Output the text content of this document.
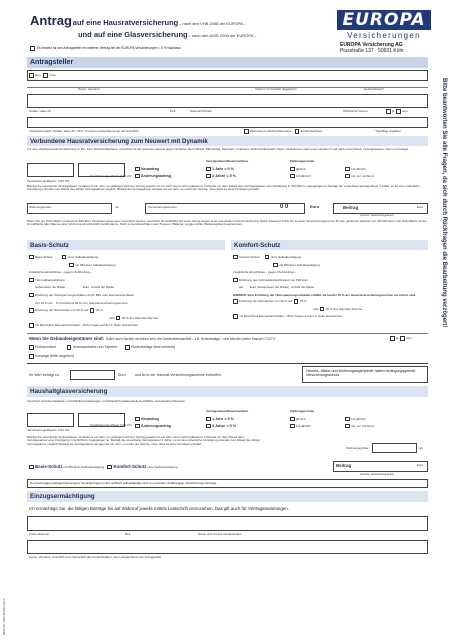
Antrag auf eine Hausratversicherung – nach den VHB 2008 der EUROPA –
und auf eine Glasversicherung – nach den AGIB 2008 der EUROPA –
Es besteht für den Antragsteller ein weiterer Vertrag bei der EUROPA Versicherungen = 5 % Nachlass
EUROPA
Versicherungen
EUROPA Versicherung AG
Piusstraße 137 · 50931 Köln
Antragsteller
Herr	Frau
Name, Vorname	Telefon mit Vorwahl (tagsüber)*	Geburtsdatum*
Straße, Haus-Nr.	PLZ	Wohnort/Ortsteil	Öffentlicher Dienst	ja	nein
Versicherungsort: Straße, Haus-Nr., PLZ, Ort (wenn abweichend von der Anschrift)	Wohnung im Mehrfamilienhaus	Einfamilienhaus	* freiwillige Angaben
Verbundene Hausratversicherung zum Neuwert mit Dynamik
Für eine ständig bewohnte Wohnung im Ein- bzw. Mehrfamilienhaus. Versichert ist der gesamte Hausrat gegen Schäden durch Brand, Blitzschlag, Explosion, Implosion, Einbruchdiebstahl, Raub, Vandalismus nach einem Einbruch und nach einem Raub, Leitungswasser, Sturm und Hagel.
Versicherungs-Beginn: 0.00 Uhr
Versicherungs-Ablauf: 0.00 Uhr
Vertragsdauer/Dauernachlass	Zahlungsperiode
Neuantrag
Änderungsantrag
1 Jahr = 0 %
3 Jahre = 5 %
jährlich
1/4-jährlich
1/2-jährlich
mtl. nur mit Abruf
Beträgt die vereinbarte Vertragsdauer mindestens ein Jahr, so verlängert sich der Vertrag jeweils um ein Jahr, wenn nicht spätestens 3 Monate vor dem Ablauf dem Vertragspartner eine Kündigung in Schriftform zugegangen ist. Beträgt die vereinbarte Vertragsdauer 3 Jahre, so ist eine ordentliche Kündigung erstmals zum Ablauf des dritten Vertragsjahres möglich. Beträgt die Vertragsdauer weniger als ein Jahr, so endet der Vertrag, ohne dass es einer Kündigung bedarf.
Wohnungsgröße	qm	Versicherungssumme	0 0	Euro	Beitrag	Euro
(einschl. Versicherungsteuer)
Wenn Sie pro Wohnfläche mindestens 650 Euro Versicherungssumme vereinbart werden, verzichtet die EUROPA auf einen Abzug wegen einer eventuellen Unterversicherung (siehe Klausel C7112) bis zu einer Versicherungssumme für den gesamten Hausrat von 200.000 Euro. Die Wohnfläche ist die Grundfläche aller Räume einer Wohnung einschließlich Hobbyräume. Nicht zu berücksichtigen sind Treppen, Balkone, Loggien (bitte Risikoangaben beantworten).
Basis-Schutz	Komfort-Schutz
Basis-Schutz	ohne Selbstbeteiligung
mit 250 Euro Selbstbeteiligung
Zusätzliche Einschlüsse – gegen Mehrbeitrag –
Fahrraddiebstahlrisiko:
Gesamtwert der Räder	Euro Anzahl der Räder
Erhöhung der Überspannungsschäden durch Blitz oder Elementarschäden
von 10 % auf % (höchstens 50 %) der Hausratversicherungssumme
Erhöhung der Wertsachen von 20 % auf	25 %
oder 30 % der Hausrats-Summe
mit Einschluss Elementarschäden – Bitte Fragen auf der 2. Seite beantworten.
Komfort-Schutz	ohne Selbstbeteiligung
mit 250 Euro Selbstbeteiligung
Zusätzliche Einschlüsse – gegen Mehrbeitrag –
Erhöhung des Fahrraddiebstahlrisikos von 500 Euro
auf Euro (Gesamtwert der Räder) Anzahl der Räder
HINWEIS: Eine Erhöhung der Überspannungsschäden entfällt, da bereits 50 % der Hausratversicherungssumme versichert sind.
Erhöhung der Wertsachen von 30 % auf	35 %
oder 40 % der Hausrats-Summe
mit Einschluss Elementarschäden – Bitte Fragen auf der 2. Seite beantworten.
Wenn Sie Gebäudeeigentümer sind: Sollen auch Sachen versichert sein, die Gebäudebestandteil – z.B. Bodenbeläge – sein könnten (siehe Klausel C7127)?	ja	nein
Einbaumöbel	Innenanstriche und Tapeten	Bodenbeläge (fest verklebt)
Sonstige (bitte angeben)
Ihr Wert beträgt ca.	Euro	und ist in der Hausrat-Versicherungssumme enthalten.
Hinweis: Mieter und Wohnungseigentümer haben bedingungsgemäß Versicherungsschutz
Haushaltglasversicherung
Versichert sind die Gebäude- und Mobiliarverglasungen, einschließlich Glaskeramik-Kochfläche und Aquarien/Terrarien.
Versicherungs-Beginn: 0.00 Uhr
Versicherungs-Ablauf: 0.00 Uhr
Vertragsdauer/Dauernachlass	Zahlungsperiode
Neuantrag
Änderungsantrag
1 Jahr = 0 %
3 Jahre = 5 %
jährlich
1/4-jährlich
1/2-jährlich
mtl. nur mit Abruf
Beträgt die vereinbarte Vertragsdauer mindestens ein Jahr, so verlängert sich der Vertrag jeweils um ein Jahr, wenn nicht spätestens 3 Monate vor dem Ablauf dem Vertragspartner eine Kündigung in Schriftform zugegangen ist. Beträgt die vereinbarte Vertragsdauer 3 Jahre, so ist eine ordentliche Kündigung erstmals zum Ablauf des dritten Vertragsjahres möglich. Beträgt die Vertragsdauer weniger als ein Jahr, so endet der Vertrag, ohne dass es einer Kündigung bedarf.
Wohnungsgröße	qm
Basis-Schutz mit 250 Euro Selbstbeteiligung Komfort-Schutz ohne Selbstbeteiligung	Beitrag	Euro
(einschl. Versicherungsteuer)
Der beantragte(n)/abgeschlossene(n) Versicherung(en) sind rechtlich selbstständige und von einander unabhängige Versicherungs-Verträge.
Einzugsermächtigung
Ich ermächtige Sie, die fälligen Beiträge bis auf Widerruf jeweils mittels Lastschrift einzuziehen. Das gilt auch für Vertragsänderungen.
Konto-Nummer	BLZ	Name und Ort des Geldinstitutes
Name, Vorname, Anschrift und Unterschrift des Kontoinhabers, wenn abweichend vom Antragsteller
Bitte beantworten Sie alle Fragen, da sich durch Rückfragen die Bearbeitung verzögert!
DMS Str 1005 8/2012 EO-3
